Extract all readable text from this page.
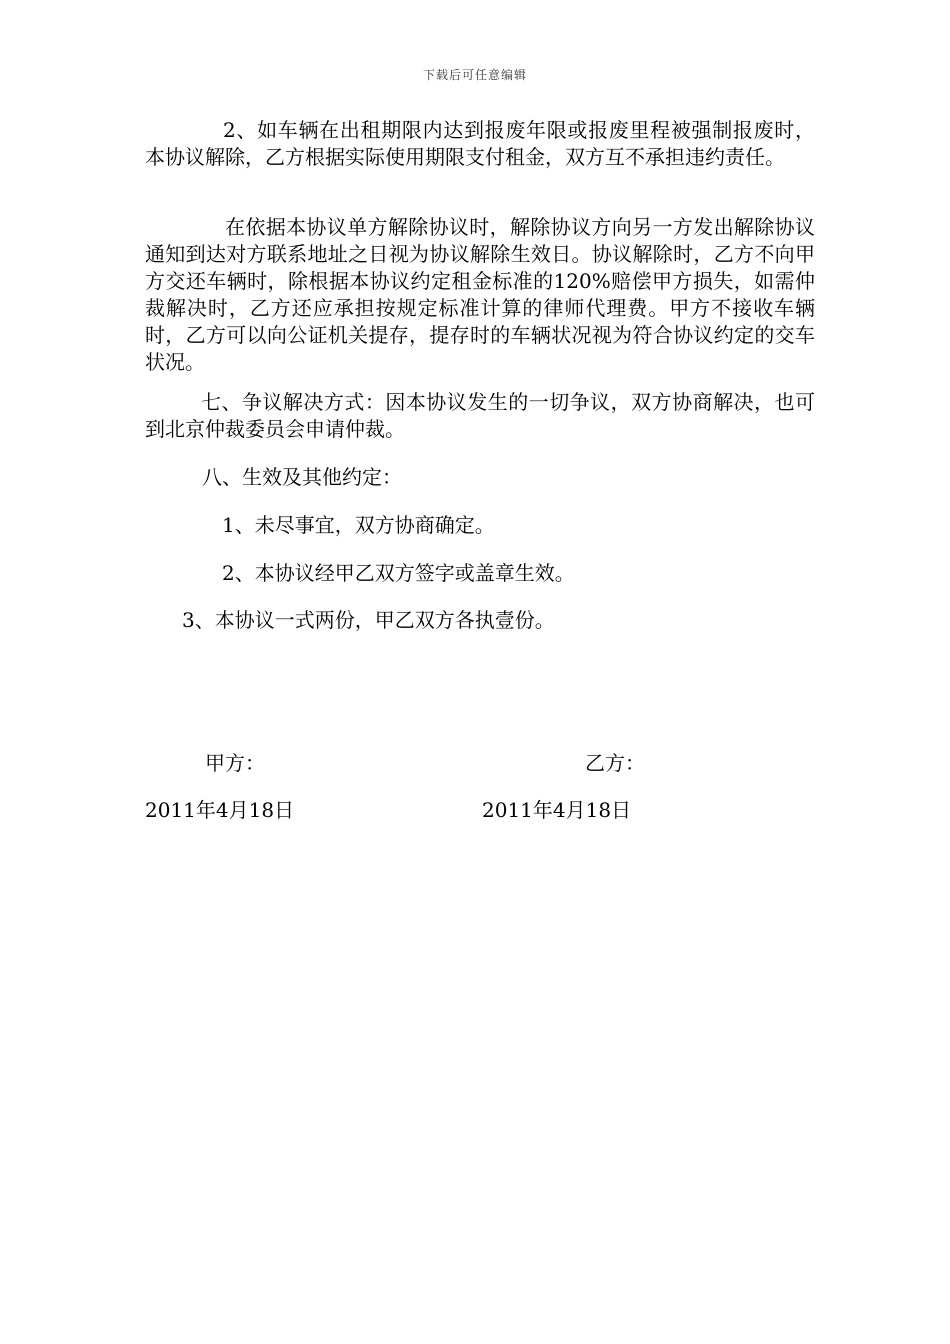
下载后可任意编辑
2、如车辆在出租期限内达到报废年限或报废里程被强制报废时，本协议解除，乙方根据实际使用期限支付租金，双方互不承担违约责任。
在依据本协议单方解除协议时，解除协议方向另一方发出解除协议通知到达对方联系地址之日视为协议解除生效日。协议解除时，乙方不向甲方交还车辆时，除根据本协议约定租金标准的120%赔偿甲方损失，如需仲裁解决时，乙方还应承担按规定标准计算的律师代理费。甲方不接收车辆时，乙方可以向公证机关提存，提存时的车辆状况视为符合协议约定的交车状况。
七、争议解决方式：因本协议发生的一切争议，双方协商解决，也可到北京仲裁委员会申请仲裁。
八、生效及其他约定：
1、未尽事宜，双方协商确定。
2、本协议经甲乙双方签字或盖章生效。
3、本协议一式两份，甲乙双方各执壹份。
甲方：	乙方：
2011年4月18日	2011年4月18日
